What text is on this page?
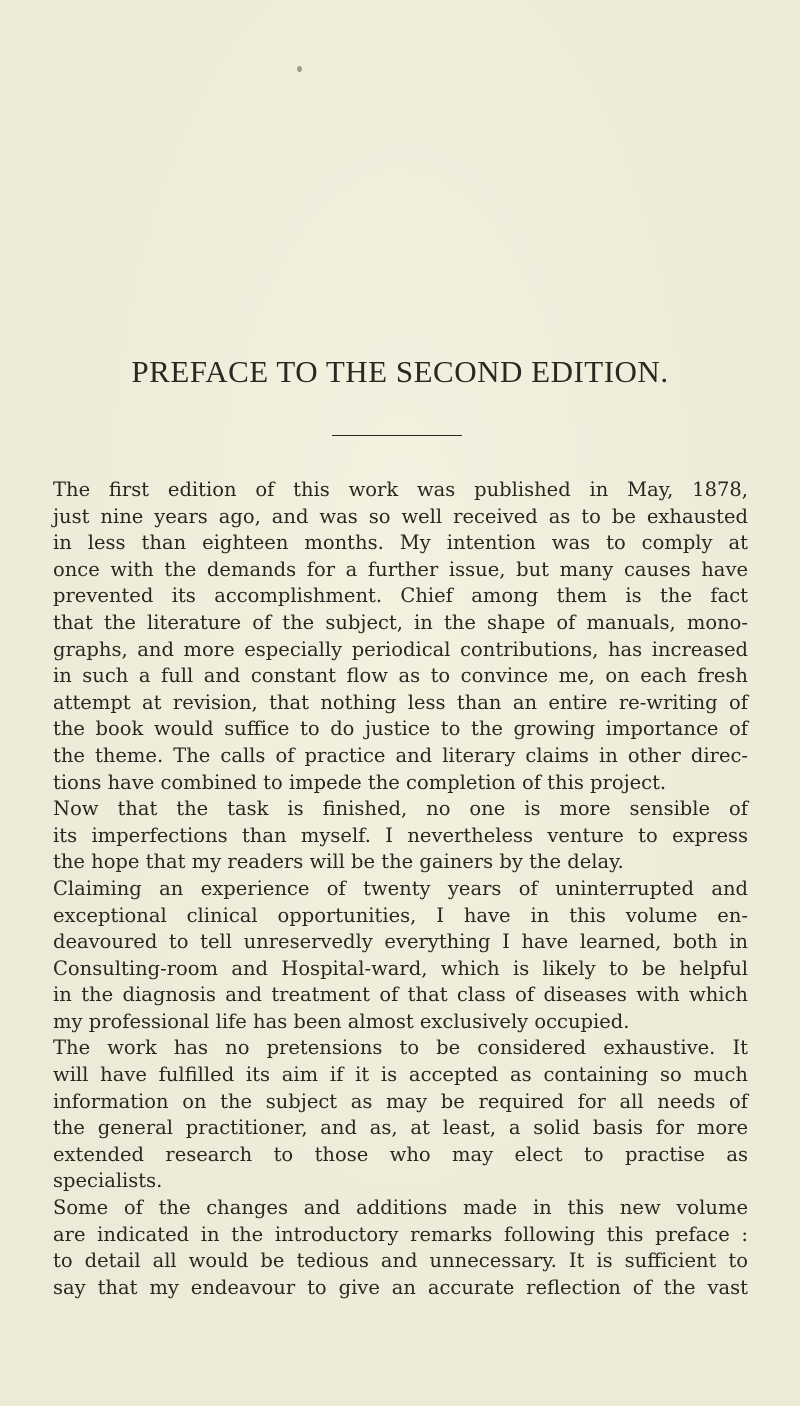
PREFACE TO THE SECOND EDITION.
The first edition of this work was published in May, 1878,
just nine years ago, and was so well received as to be exhausted
in less than eighteen months. My intention was to comply at
once with the demands for a further issue, but many causes have
prevented its accomplishment. Chief among them is the fact
that the literature of the subject, in the shape of manuals, mono-
graphs, and more especially periodical contributions, has increased
in such a full and constant flow as to convince me, on each fresh
attempt at revision, that nothing less than an entire re-writing of
the book would suffice to do justice to the growing importance of
the theme. The calls of practice and literary claims in other direc-
tions have combined to impede the completion of this project.
Now that the task is finished, no one is more sensible of
its imperfections than myself. I nevertheless venture to express
the hope that my readers will be the gainers by the delay.
Claiming an experience of twenty years of uninterrupted and
exceptional clinical opportunities, I have in this volume en-
deavoured to tell unreservedly everything I have learned, both in
Consulting-room and Hospital-ward, which is likely to be helpful
in the diagnosis and treatment of that class of diseases with which
my professional life has been almost exclusively occupied.
The work has no pretensions to be considered exhaustive. It
will have fulfilled its aim if it is accepted as containing so much
information on the subject as may be required for all needs of
the general practitioner, and as, at least, a solid basis for more
extended research to those who may elect to practise as
specialists.
Some of the changes and additions made in this new volume
are indicated in the introductory remarks following this preface :
to detail all would be tedious and unnecessary. It is sufficient to
say that my endeavour to give an accurate reflection of the vast
